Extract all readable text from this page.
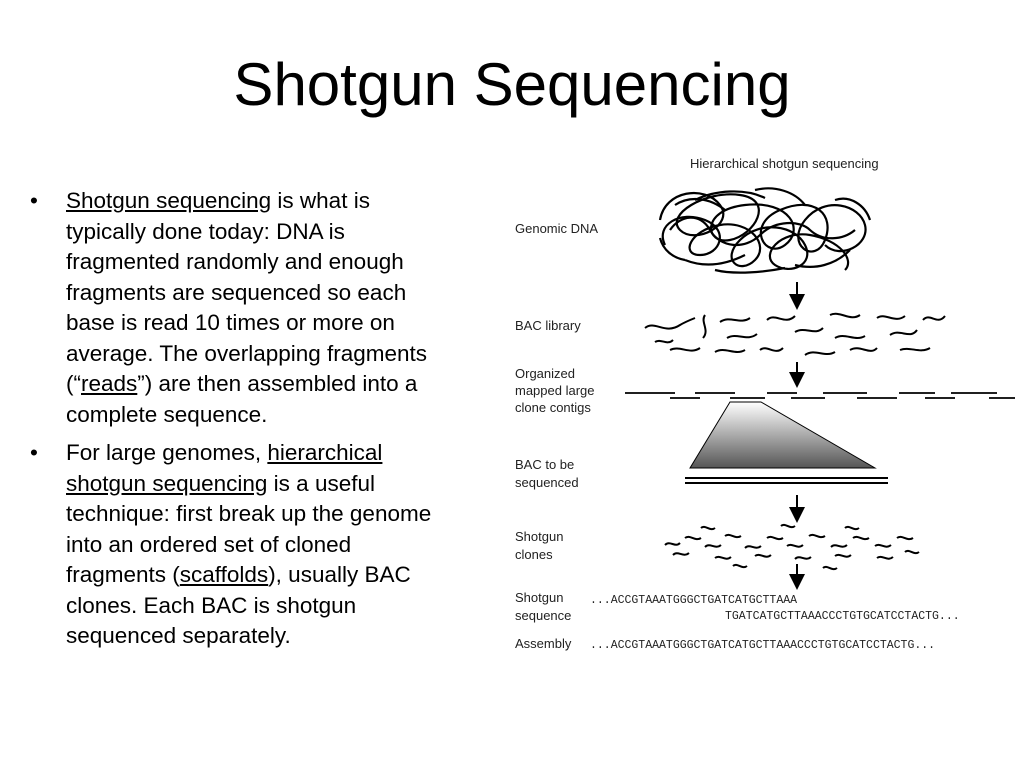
Shotgun Sequencing
• Shotgun sequencing is what is typically done today: DNA is fragmented randomly and enough fragments are sequenced so each base is read 10 times or more on average. The overlapping fragments (“reads”) are then assembled into a complete sequence.
• For large genomes, hierarchical shotgun sequencing is a useful technique: first break up the genome into an ordered set of cloned fragments (scaffolds), usually BAC clones. Each BAC is shotgun sequenced separately.
Hierarchical shotgun sequencing
Genomic DNA
BAC library
Organized
mapped large
clone contigs
BAC to be
sequenced
Shotgun
clones
Shotgun
sequence
Assembly
...ACCGTAAATGGGCTGATCATGCTTAAA
TGATCATGCTTAAACCCTGTGCATCCTACTG...
...ACCGTAAATGGGCTGATCATGCTTAAACCCTGTGCATCCTACTG...
